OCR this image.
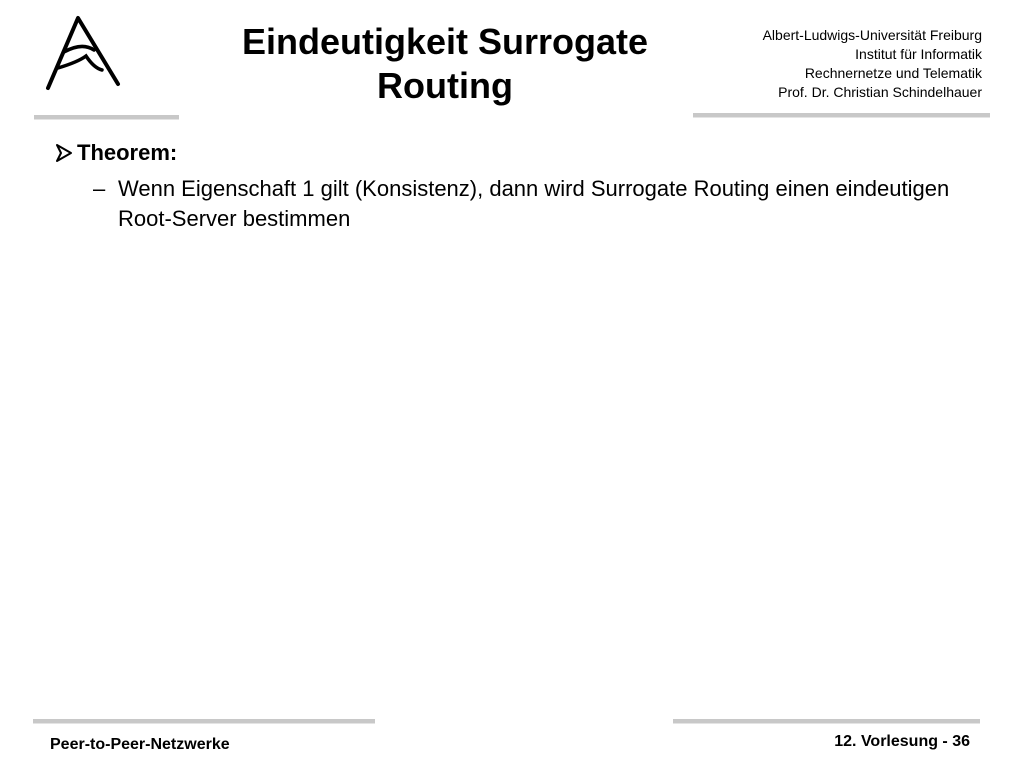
Eindeutigkeit Surrogate
Routing
Albert-Ludwigs-Universität Freiburg
Institut für Informatik
Rechnernetze und Telematik
Prof. Dr. Christian Schindelhauer
Theorem:
– Wenn Eigenschaft 1 gilt (Konsistenz), dann wird Surrogate Routing einen eindeutigen Root-Server bestimmen
Peer-to-Peer-Netzwerke	12. Vorlesung - 36
